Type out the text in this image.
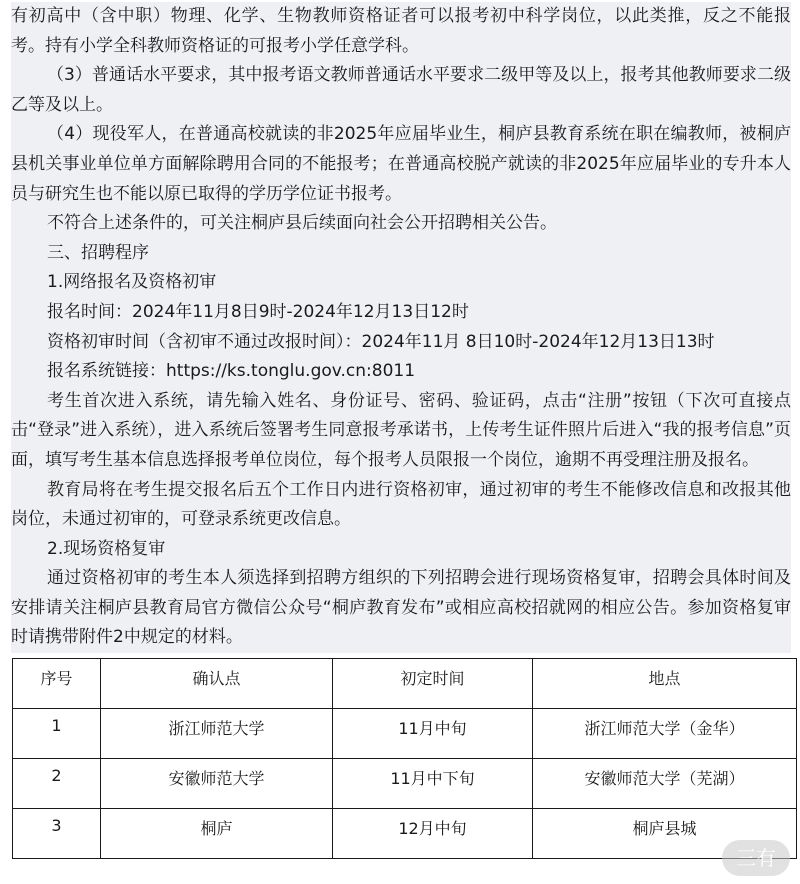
有初高中（含中职）物理、化学、生物教师资格证者可以报考初中科学岗位，以此类推，反之不能报考。持有小学全科教师资格证的可报考小学任意学科。

（3）普通话水平要求，其中报考语文教师普通话水平要求二级甲等及以上，报考其他教师要求二级乙等及以上。

（4）现役军人，在普通高校就读的非2025年应届毕业生，桐庐县教育系统在职在编教师，被桐庐县机关事业单位单方面解除聘用合同的不能报考；在普通高校脱产就读的非2025年应届毕业的专升本人员与研究生也不能以原已取得的学历学位证书报考。

不符合上述条件的，可关注桐庐县后续面向社会公开招聘相关公告。

三、招聘程序

1.网络报名及资格初审

报名时间：2024年11月8日9时-2024年12月13日12时

资格初审时间（含初审不通过改报时间）：2024年11月 8日10时-2024年12月13日13时

报名系统链接：https://ks.tonglu.gov.cn:8011

考生首次进入系统，请先输入姓名、身份证号、密码、验证码，点击“注册”按钮（下次可直接点击“登录”进入系统），进入系统后签署考生同意报考承诺书，上传考生证件照片后进入“我的报考信息”页面，填写考生基本信息选择报考单位岗位，每个报考人员限报一个岗位，逾期不再受理注册及报名。

教育局将在考生提交报名后五个工作日内进行资格初审，通过初审的考生不能修改信息和改报其他岗位，未通过初审的，可登录系统更改信息。

2.现场资格复审

通过资格初审的考生本人须选择到招聘方组织的下列招聘会进行现场资格复审，招聘会具体时间及安排请关注桐庐县教育局官方微信公众号“桐庐教育发布”或相应高校招就网的相应公告。参加资格复审时请携带附件2中规定的材料。

序号	确认点	初定时间	地点
1	浙江师范大学	11月中旬	浙江师范大学（金华）
2	安徽师范大学	11月中下旬	安徽师范大学（芜湖）
3	桐庐	12月中旬	桐庐县城
三有
